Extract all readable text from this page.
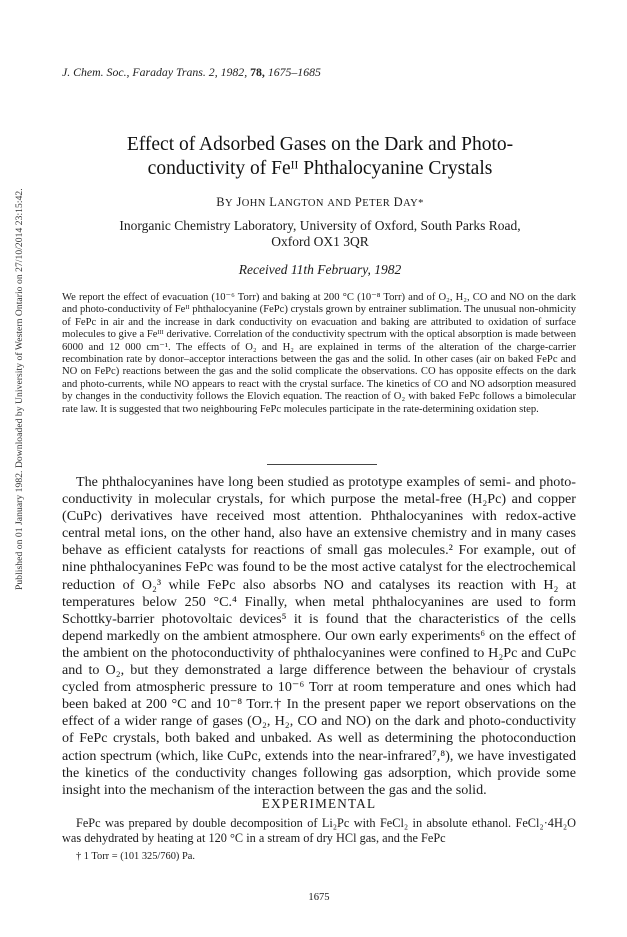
Published on 01 January 1982. Downloaded by University of Western Ontario on 27/10/2014 23:15:42.
J. Chem. Soc., Faraday Trans. 2, 1982, 78, 1675–1685
Effect of Adsorbed Gases on the Dark and Photo-
conductivity of Feᴵᴵ Phthalocyanine Crystals
BY JOHN LANGTON AND PETER DAY*
Inorganic Chemistry Laboratory, University of Oxford, South Parks Road,
Oxford OX1 3QR
Received 11th February, 1982
We report the effect of evacuation (10⁻⁶ Torr) and baking at 200 °C (10⁻⁸ Torr) and of O₂, H₂, CO and NO on the dark and photo-conductivity of Feᴵᴵ phthalocyanine (FePc) crystals grown by entrainer sublimation. The unusual non-ohmicity of FePc in air and the increase in dark conductivity on evacuation and baking are attributed to oxidation of surface molecules to give a Feᴵᴵᴵ derivative. Correlation of the conductivity spectrum with the optical absorption is made between 6000 and 12 000 cm⁻¹. The effects of O₂ and H₂ are explained in terms of the alteration of the charge-carrier recombination rate by donor–acceptor interactions between the gas and the solid. In other cases (air on baked FePc and NO on FePc) reactions between the gas and the solid complicate the observations. CO has opposite effects on the dark and photo-currents, while NO appears to react with the crystal surface. The kinetics of CO and NO adsorption measured by changes in the conductivity follows the Elovich equation. The reaction of O₂ with baked FePc follows a bimolecular rate law. It is suggested that two neighbouring FePc molecules participate in the rate-determining oxidation step.

The phthalocyanines have long been studied as prototype examples of semi- and photo-conductivity in molecular crystals, for which purpose the metal-free (H₂Pc) and copper (CuPc) derivatives have received most attention. Phthalocyanines with redox-active central metal ions, on the other hand, also have an extensive chemistry and in many cases behave as efficient catalysts for reactions of small gas molecules.² For example, out of nine phthalocyanines FePc was found to be the most active catalyst for the electrochemical reduction of O₂³ while FePc also absorbs NO and catalyses its reaction with H₂ at temperatures below 250 °C.⁴ Finally, when metal phthalocyanines are used to form Schottky-barrier photovoltaic devices⁵ it is found that the characteristics of the cells depend markedly on the ambient atmosphere. Our own early experiments⁶ on the effect of the ambient on the photoconductivity of phthalocyanines were confined to H₂Pc and CuPc and to O₂, but they demonstrated a large difference between the behaviour of crystals cycled from atmospheric pressure to 10⁻⁶ Torr at room temperature and ones which had been baked at 200 °C and 10⁻⁸ Torr.† In the present paper we report observations on the effect of a wider range of gases (O₂, H₂, CO and NO) on the dark and photo-conductivity of FePc crystals, both baked and unbaked. As well as determining the photoconduction action spectrum (which, like CuPc, extends into the near-infrared⁷,⁸), we have investigated the kinetics of the conductivity changes following gas adsorption, which provide some insight into the mechanism of the interaction between the gas and the solid.

EXPERIMENTAL

FePc was prepared by double decomposition of Li₂Pc with FeCl₂ in absolute ethanol. FeCl₂·4H₂O was dehydrated by heating at 120 °C in a stream of dry HCl gas, and the FePc

† 1 Torr = (101 325/760) Pa.
1675
